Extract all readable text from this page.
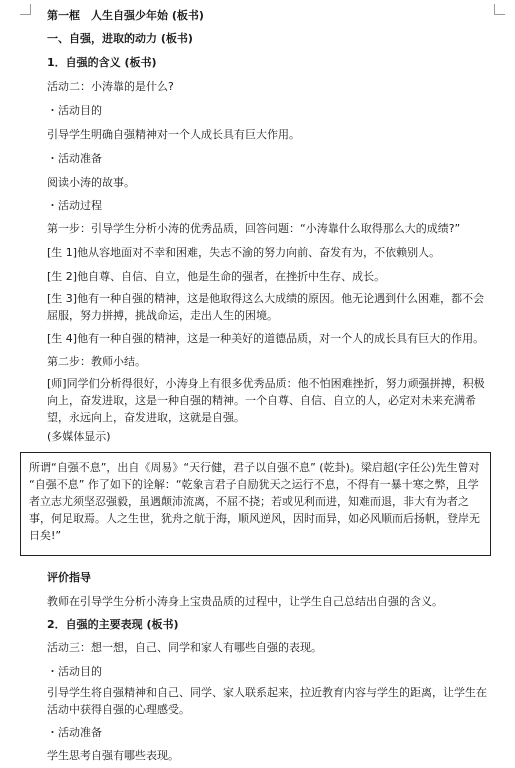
第一框　人生自强少年始 (板书)
一、自强，进取的动力 (板书)
1．自强的含义 (板书)
活动二：小涛靠的是什么?
・活动目的
引导学生明确自强精神对一个人成长具有巨大作用。
・活动准备
阅读小涛的故事。
・活动过程
第一步：引导学生分析小涛的优秀品质，回答问题：“小涛靠什么取得那么大的成绩?”
[生 1]他从容地面对不幸和困难，失志不渝的努力向前、奋发有为，不依赖别人。
[生 2]他自尊、自信、自立，他是生命的强者，在挫折中生存、成长。
[生 3]他有一种自强的精神，这是他取得这么大成绩的原因。他无论遇到什么困难，都不会屈服，努力拼搏，挑战命运，走出人生的困境。
[生 4]他有一种自强的精神，这是一种美好的道德品质，对一个人的成长具有巨大的作用。
第二步：教师小结。
[师]同学们分析得很好，小涛身上有很多优秀品质：他不怕困难挫折，努力顽强拼搏，积极向上，奋发进取，这是一种自强的精神。一个自尊、自信、自立的人，必定对未来充满希望，永远向上，奋发进取，这就是自强。
(多媒体显示)
所谓“自强不息”，出自《周易》“天行健，君子以自强不息” (乾卦)。梁启超(字任公)先生曾对 “自强不息” 作了如下的诠解：“乾象言君子自励犹天之运行不息，不得有一暴十寒之弊，且学者立志尤须坚忍强毅，虽遇颠沛流离，不屈不挠；若或见利而进，知难而退，非大有为者之事，何足取焉。人之生世，犹舟之航于海，顺风逆风，因时而异，如必风顺而后扬帆，登岸无日矣!”
评价指导
教师在引导学生分析小涛身上宝贵品质的过程中，让学生自己总结出自强的含义。
2．自强的主要表现 (板书)
活动三：想一想，自己、同学和家人有哪些自强的表现。
・活动目的
引导学生将自强精神和自己、同学、家人联系起来，拉近教育内容与学生的距离，让学生在活动中获得自强的心理感受。
・活动准备
学生思考自强有哪些表现。
